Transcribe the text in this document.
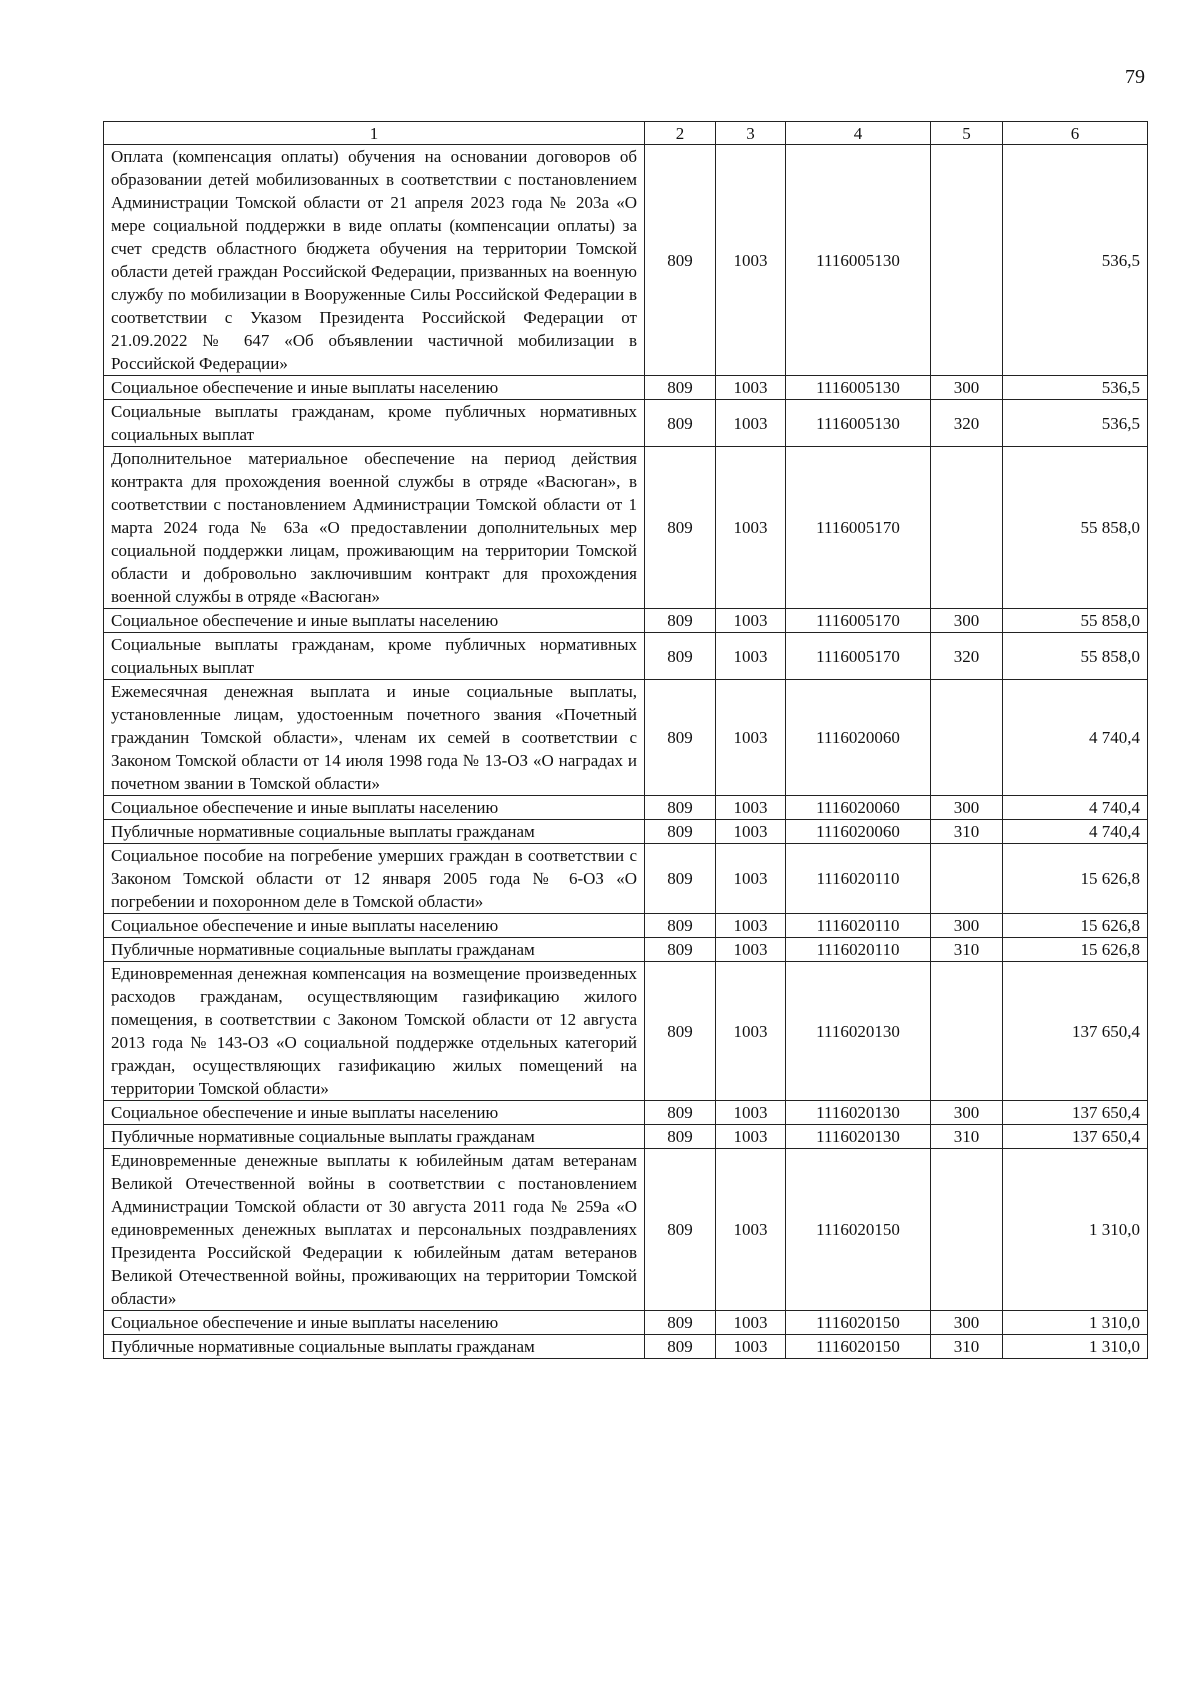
79
1	2	3	4	5	6
Оплата (компенсация оплаты) обучения на основании договоров об образовании детей мобилизованных в соответствии с постановлением Администрации Томской области от 21 апреля 2023 года № 203а «О мере социальной поддержки в виде оплаты (компенсации оплаты) за счет средств областного бюджета обучения на территории Томской области детей граждан Российской Федерации, призванных на военную службу по мобилизации в Вооруженные Силы Российской Федерации в соответствии с Указом Президента Российской Федерации от 21.09.2022 № 647 «Об объявлении частичной мобилизации в Российской Федерации»	809	1003	1116005130		536,5
Социальное обеспечение и иные выплаты населению	809	1003	1116005130	300	536,5
Социальные выплаты гражданам, кроме публичных нормативных социальных выплат	809	1003	1116005130	320	536,5
Дополнительное материальное обеспечение на период действия контракта для прохождения военной службы в отряде «Васюган», в соответствии с постановлением Администрации Томской области от 1 марта 2024 года № 63а «О предоставлении дополнительных мер социальной поддержки лицам, проживающим на территории Томской области и добровольно заключившим контракт для прохождения военной службы в отряде «Васюган»	809	1003	1116005170		55 858,0
Социальное обеспечение и иные выплаты населению	809	1003	1116005170	300	55 858,0
Социальные выплаты гражданам, кроме публичных нормативных социальных выплат	809	1003	1116005170	320	55 858,0
Ежемесячная денежная выплата и иные социальные выплаты, установленные лицам, удостоенным почетного звания «Почетный гражданин Томской области», членам их семей в соответствии с Законом Томской области от 14 июля 1998 года № 13-ОЗ «О наградах и почетном звании в Томской области»	809	1003	1116020060		4 740,4
Социальное обеспечение и иные выплаты населению	809	1003	1116020060	300	4 740,4
Публичные нормативные социальные выплаты гражданам	809	1003	1116020060	310	4 740,4
Социальное пособие на погребение умерших граждан в соответствии с Законом Томской области от 12 января 2005 года № 6-ОЗ «О погребении и похоронном деле в Томской области»	809	1003	1116020110		15 626,8
Социальное обеспечение и иные выплаты населению	809	1003	1116020110	300	15 626,8
Публичные нормативные социальные выплаты гражданам	809	1003	1116020110	310	15 626,8
Единовременная денежная компенсация на возмещение произведенных расходов гражданам, осуществляющим газификацию жилого помещения, в соответствии с Законом Томской области от 12 августа 2013 года № 143-ОЗ «О социальной поддержке отдельных категорий граждан, осуществляющих газификацию жилых помещений на территории Томской области»	809	1003	1116020130		137 650,4
Социальное обеспечение и иные выплаты населению	809	1003	1116020130	300	137 650,4
Публичные нормативные социальные выплаты гражданам	809	1003	1116020130	310	137 650,4
Единовременные денежные выплаты к юбилейным датам ветеранам Великой Отечественной войны в соответствии с постановлением Администрации Томской области от 30 августа 2011 года № 259а «О единовременных денежных выплатах и персональных поздравлениях Президента Российской Федерации к юбилейным датам ветеранов Великой Отечественной войны, проживающих на территории Томской области»	809	1003	1116020150		1 310,0
Социальное обеспечение и иные выплаты населению	809	1003	1116020150	300	1 310,0
Публичные нормативные социальные выплаты гражданам	809	1003	1116020150	310	1 310,0
